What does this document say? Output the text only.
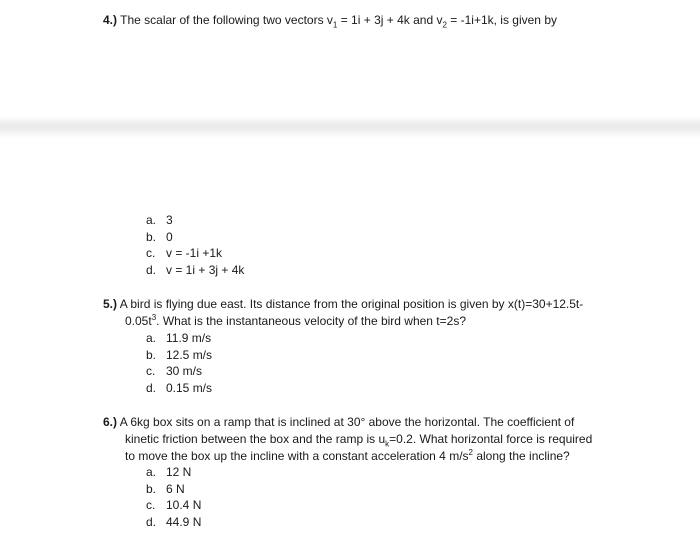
4.) The scalar of the following two vectors $v_1 = 1i + 3j + 4k$ and $v_2 = -1i+1k$, is given by
a. 3
b. 0
c. v = -1i +1k
d. v = 1i + 3j + 4k
5.) A bird is flying due east. Its distance from the original position is given by x(t)=30+12.5t-
$0.05t^3$. What is the instantaneous velocity of the bird when t=2s?
a. 11.9 m/s
b. 12.5 m/s
c. 30 m/s
d. 0.15 m/s
6.) A 6kg box sits on a ramp that is inclined at 30° above the horizontal. The coefficient of
kinetic friction between the box and the ramp is $u_k=0.2$. What horizontal force is required
to move the box up the incline with a constant acceleration 4 $m/s^2$ along the incline?
a. 12 N
b. 6 N
c. 10.4 N
d. 44.9 N
